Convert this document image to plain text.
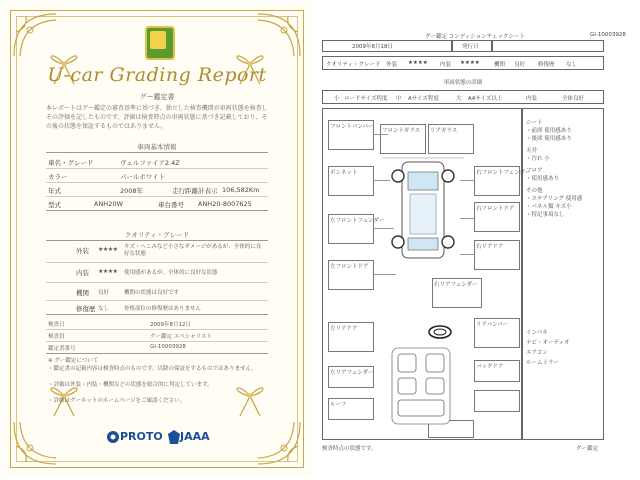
U-car Grading Report
グー鑑定書
本レポートはグー鑑定の審査基準に基づき、独立した検査機関が車両状態を検査しその評価を記したものです。評価は検査時点の車両状態に基づき記載しており、その後の状態を保証するものではありません。
車両基本情報
車名・グレード	ヴェルファイア2.4Z
カラー	パールホワイト
年式	2008年	走行距離計表示 106,582Km
型式	ANH20W	車台番号 ANH20-8007625
クオリティ・グレード
外装 ★★★★ キズ・へこみなど小さなダメージがあるが、全体的に良好な状態
内装 ★★★★ 使用感があるが、全体的に良好な状態
機関 良好	機関の状態は良好です
修復歴 なし	骨格部位の修復歴はありません
検査日	2009年8月12日
検査員	グー鑑定 スペシャリスト
鑑定書番号	GI-10003928
※ グー鑑定について
・鑑定書の記載内容は検査時点のものです。以降の保証をするものではありません。
・評価は外装・内装・機関などの状態を総合的に判定しています。
・詳細はグーネットのホームページをご確認ください。
PROTO JAAA
グー鑑定 コンディションチェックシート	GI-10003928
2009年8月18日	発行日
クオリティ・グレード 外装 ★★★★ 内装 ★★★★	機関 良好 修復歴 なし
車両状態の詳細
小 ロードサイズ程度 中 Aサイズ程度	大 A4サイズ以上	内装	全体良好
フロントバンパー
ボンネット
左フロントフェンダー
左フロントドア
左リアドア
左リアフェンダー
ルーフ
フロントガラス リアガラス
右フロントフェンダー
右フロントドア
右リアドア
右リアフェンダー
リアバンパー
バックドア
シート
・前席 使用感あり
・後席 使用感あり
天井
・汚れ 小
フロア
・使用感あり
その他
・ステアリング 使用感
・パネル類 キズ小
・特記事項なし
インパネ
ナビ・オーディオ
エアコン
ルームミラー
検査時点の状態です。	グー鑑定
